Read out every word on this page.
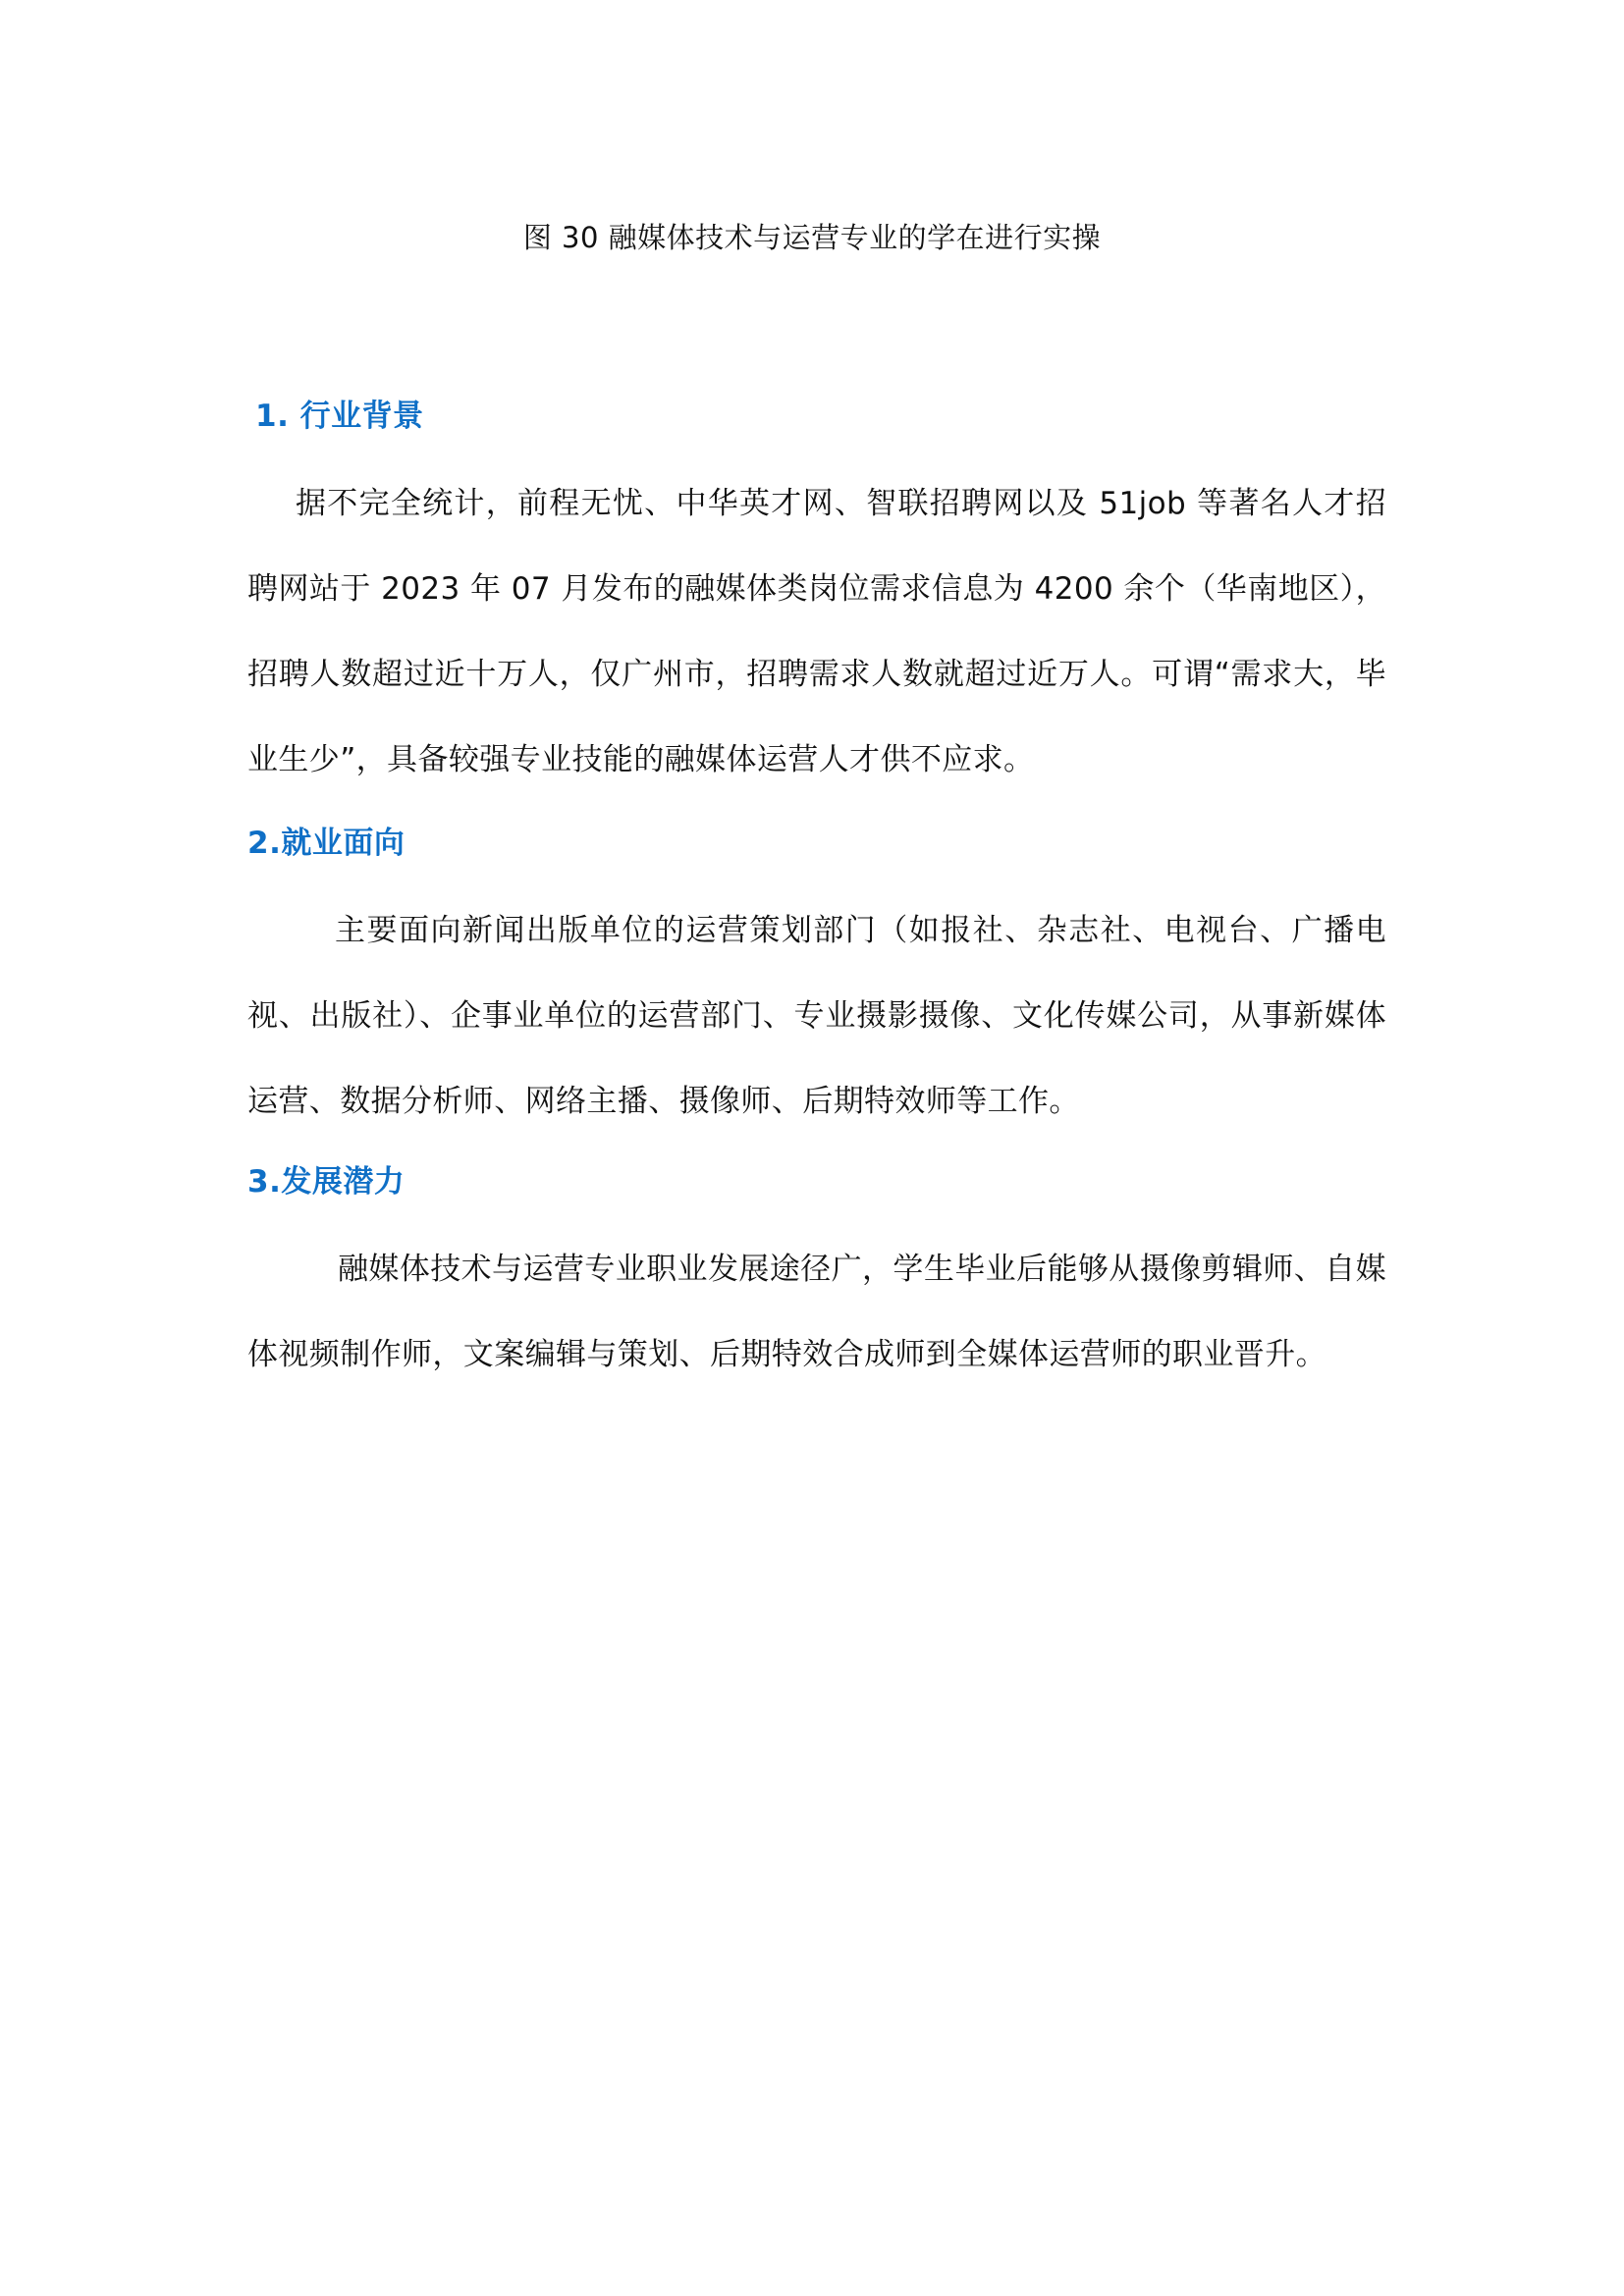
图 30 融媒体技术与运营专业的学在进行实操
1. 行业背景

据不完全统计，前程无忧、中华英才网、智联招聘网以及 51job 等著名人才招聘网站于 2023 年 07 月发布的融媒体类岗位需求信息为 4200 余个（华南地区），招聘人数超过近十万人，仅广州市，招聘需求人数就超过近万人。可谓“需求大，毕业生少”，具备较强专业技能的融媒体运营人才供不应求。

2.就业面向

主要面向新闻出版单位的运营策划部门（如报社、杂志社、电视台、广播电视、出版社）、企事业单位的运营部门、专业摄影摄像、文化传媒公司，从事新媒体运营、数据分析师、网络主播、摄像师、后期特效师等工作。

3.发展潜力

融媒体技术与运营专业职业发展途径广，学生毕业后能够从摄像剪辑师、自媒体视频制作师，文案编辑与策划、后期特效合成师到全媒体运营师的职业晋升。
